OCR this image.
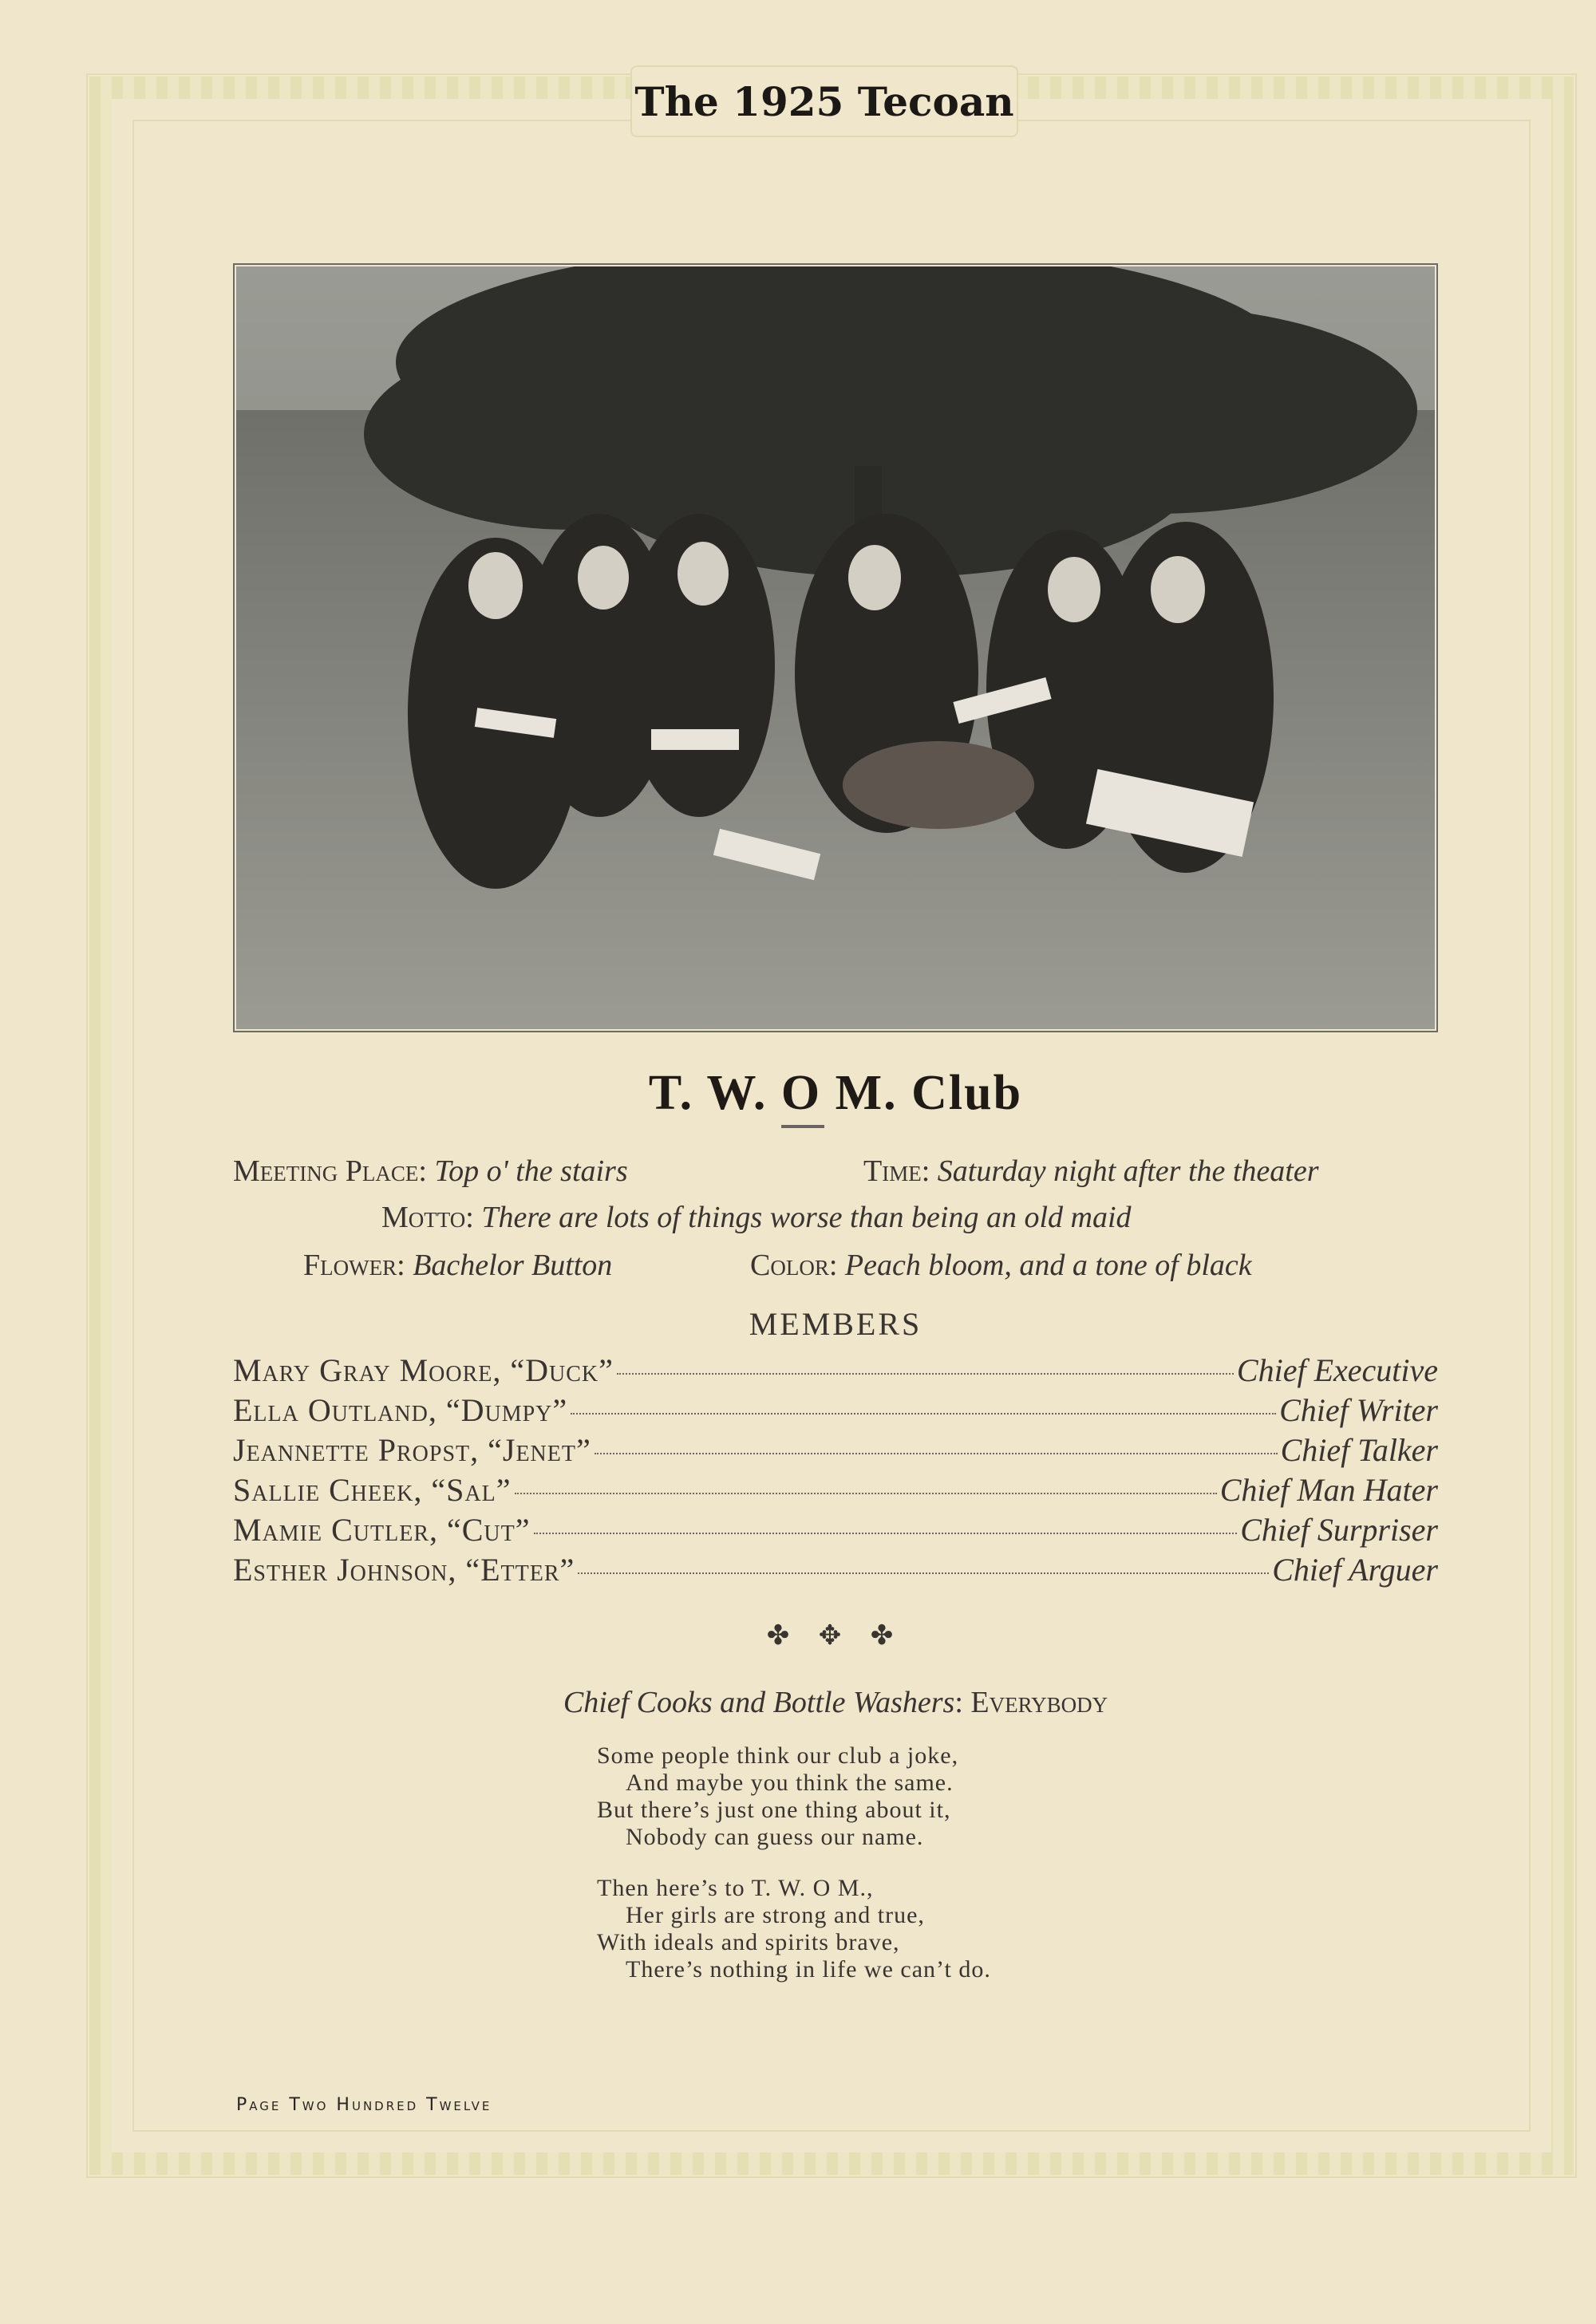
The 1925 Tecoan
T. W. O M. Club
Meeting Place: Top o' the stairs	Time: Saturday night after the theater
Motto: There are lots of things worse than being an old maid
Flower: Bachelor Button	Color: Peach bloom, and a tone of black
MEMBERS
Mary Gray Moore, “Duck”	Chief Executive
Ella Outland, “Dumpy”	Chief Writer
Jeannette Propst, “Jenet”	Chief Talker
Sallie Cheek, “Sal”	Chief Man Hater
Mamie Cutler, “Cut”	Chief Surpriser
Esther Johnson, “Etter”	Chief Arguer
✤ ✥ ✤
Chief Cooks and Bottle Washers: Everybody
Some people think our club a joke,
And maybe you think the same.
But there’s just one thing about it,
Nobody can guess our name.
Then here’s to T. W. O M.,
Her girls are strong and true,
With ideals and spirits brave,
There’s nothing in life we can’t do.
Page Two Hundred Twelve
